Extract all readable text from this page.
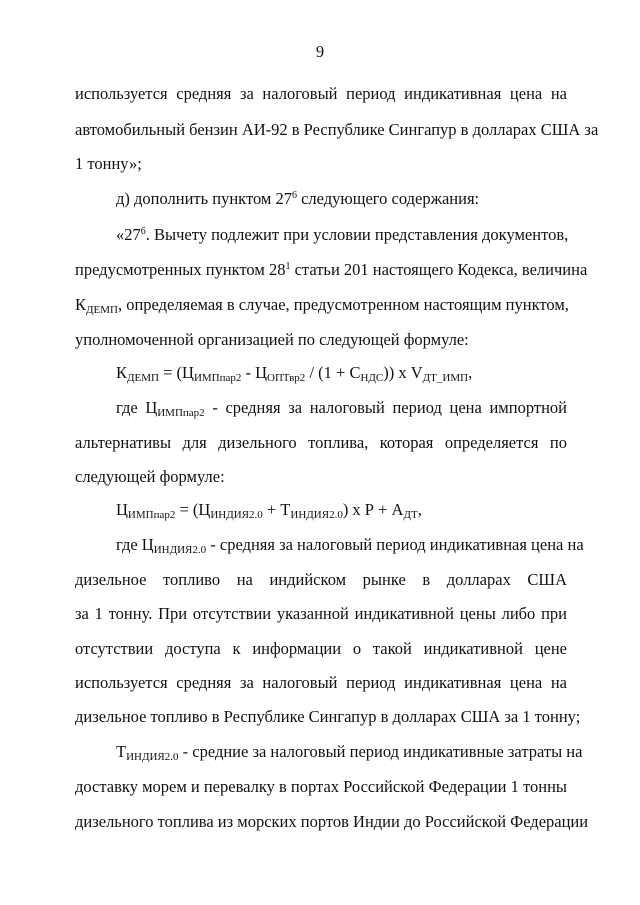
9
используется средняя за налоговый период индикативная цена на
автомобильный бензин АИ-92 в Республике Сингапур в долларах США за
1 тонну»;
д) дополнить пунктом $27^6$ следующего содержания:
«$27^6$. Вычету подлежит при условии представления документов,
предусмотренных пунктом $28^1$ статьи 201 настоящего Кодекса, величина
$К_{ДЕМП}$, определяемая в случае, предусмотренном настоящим пунктом,
уполномоченной организацией по следующей формуле:
$К_{ДЕМП} = (Ц_{ИМПпар2} - Ц_{ОПТвр2} / (1 + С_{НДС}))$ х $V_{ДТ\_ИМП}$,
где $Ц_{ИМПпар2}$ - средняя за налоговый период цена импортной
альтернативы для дизельного топлива, которая определяется по
следующей формуле:
$Ц_{ИМПпар2} = (Ц_{ИНДИЯ2.0} + Т_{ИНДИЯ2.0})$ х $Р + А_{ДТ}$,
где $Ц_{ИНДИЯ2.0}$ - средняя за налоговый период индикативная цена на
дизельное топливо на индийском рынке в долларах США
за 1 тонну. При отсутствии указанной индикативной цены либо при
отсутствии доступа к информации о такой индикативной цене
используется средняя за налоговый период индикативная цена на
дизельное топливо в Республике Сингапур в долларах США за 1 тонну;
$Т_{ИНДИЯ2.0}$ - средние за налоговый период индикативные затраты на
доставку морем и перевалку в портах Российской Федерации 1 тонны
дизельного топлива из морских портов Индии до Российской Федерации
